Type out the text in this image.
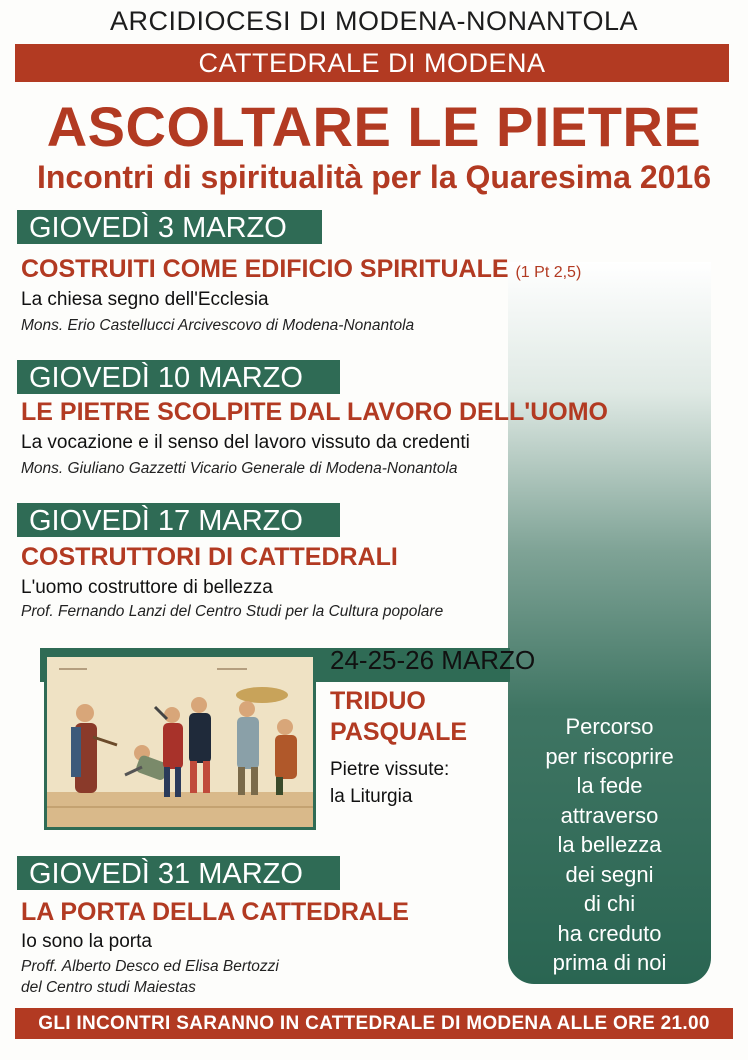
Percorso
per riscoprire
la fede
attraverso
la bellezza
dei segni
di chi
ha creduto
prima di noi
ARCIDIOCESI DI MODENA-NONANTOLA
CATTEDRALE DI MODENA
ASCOLTARE LE PIETRE
Incontri di spiritualità per la Quaresima 2016
GIOVEDÌ 3 MARZO
COSTRUITI COME EDIFICIO SPIRITUALE (1 Pt 2,5)
La chiesa segno dell'Ecclesia
Mons. Erio Castellucci Arcivescovo di Modena-Nonantola
GIOVEDÌ 10 MARZO
LE PIETRE SCOLPITE DAL LAVORO DELL'UOMO
La vocazione e il senso del lavoro vissuto da credenti
Mons. Giuliano Gazzetti Vicario Generale di Modena-Nonantola
GIOVEDÌ 17 MARZO
COSTRUTTORI DI CATTEDRALI
L'uomo costruttore di bellezza
Prof. Fernando Lanzi del Centro Studi per la Cultura popolare
24-25-26 MARZO
TRIDUO
PASQUALE
Pietre vissute:
la Liturgia
GIOVEDÌ 31 MARZO
LA PORTA DELLA CATTEDRALE
Io sono la porta
Proff. Alberto Desco ed Elisa Bertozzi
del Centro studi Maiestas
GLI INCONTRI SARANNO IN CATTEDRALE DI MODENA ALLE ORE 21.00
